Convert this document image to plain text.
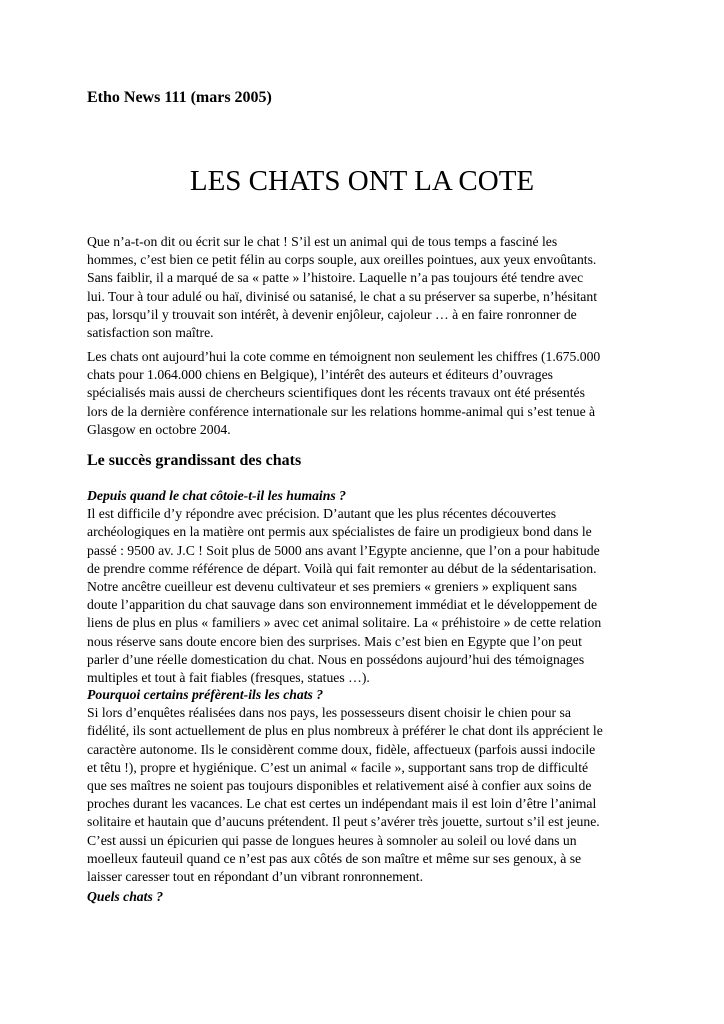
Etho News 111 (mars 2005)
LES CHATS ONT LA COTE
Que n’a-t-on dit ou écrit sur le chat ! S’il est un animal qui de tous temps a fasciné les
hommes, c’est bien ce petit félin au corps souple, aux oreilles pointues, aux yeux envoûtants.
Sans faiblir, il a marqué de sa « patte » l’histoire. Laquelle n’a pas toujours été tendre avec
lui. Tour à tour adulé ou haï, divinisé ou satanisé, le chat a su préserver sa superbe, n’hésitant
pas, lorsqu’il y trouvait son intérêt, à devenir enjôleur, cajoleur … à en faire ronronner de
satisfaction son maître.
Les chats ont aujourd’hui la cote comme en témoignent non seulement les chiffres (1.675.000
chats pour 1.064.000 chiens en Belgique), l’intérêt des auteurs et éditeurs d’ouvrages
spécialisés mais aussi de chercheurs scientifiques dont les récents travaux ont été présentés
lors de la dernière conférence internationale sur les relations homme-animal qui s’est tenue à
Glasgow en octobre 2004.
Le succès grandissant des chats
Depuis quand le chat côtoie-t-il les humains ?
Il est difficile d’y répondre avec précision. D’autant que les plus récentes découvertes
archéologiques en la matière ont permis aux spécialistes de faire un prodigieux bond dans le
passé : 9500 av. J.C ! Soit plus de 5000 ans avant l’Egypte ancienne, que l’on a pour habitude
de prendre comme référence de départ. Voilà qui fait remonter au début de la sédentarisation.
Notre ancêtre cueilleur est devenu cultivateur et ses premiers « greniers » expliquent sans
doute l’apparition du chat sauvage dans son environnement immédiat et le développement de
liens de plus en plus « familiers » avec cet animal solitaire. La « préhistoire » de cette relation
nous réserve sans doute encore bien des surprises. Mais c’est bien en Egypte que l’on peut
parler d’une réelle domestication du chat. Nous en possédons aujourd’hui des témoignages
multiples et tout à fait fiables (fresques, statues …).
Pourquoi certains préfèrent-ils les chats ?
Si lors d’enquêtes réalisées dans nos pays, les possesseurs disent choisir le chien pour sa
fidélité, ils sont actuellement de plus en plus nombreux à préférer le chat dont ils apprécient le
caractère autonome. Ils le considèrent comme doux, fidèle, affectueux (parfois aussi indocile
et têtu !), propre et hygiénique. C’est un animal « facile », supportant sans trop de difficulté
que ses maîtres ne soient pas toujours disponibles et relativement aisé à confier aux soins de
proches durant les vacances. Le chat est certes un indépendant mais il est loin d’être l’animal
solitaire et hautain que d’aucuns prétendent. Il peut s’avérer très jouette, surtout s’il est jeune.
C’est aussi un épicurien qui passe de longues heures à somnoler au soleil ou lové dans un
moelleux fauteuil quand ce n’est pas aux côtés de son maître et même sur ses genoux, à se
laisser caresser tout en répondant d’un vibrant ronronnement.
Quels chats ?
